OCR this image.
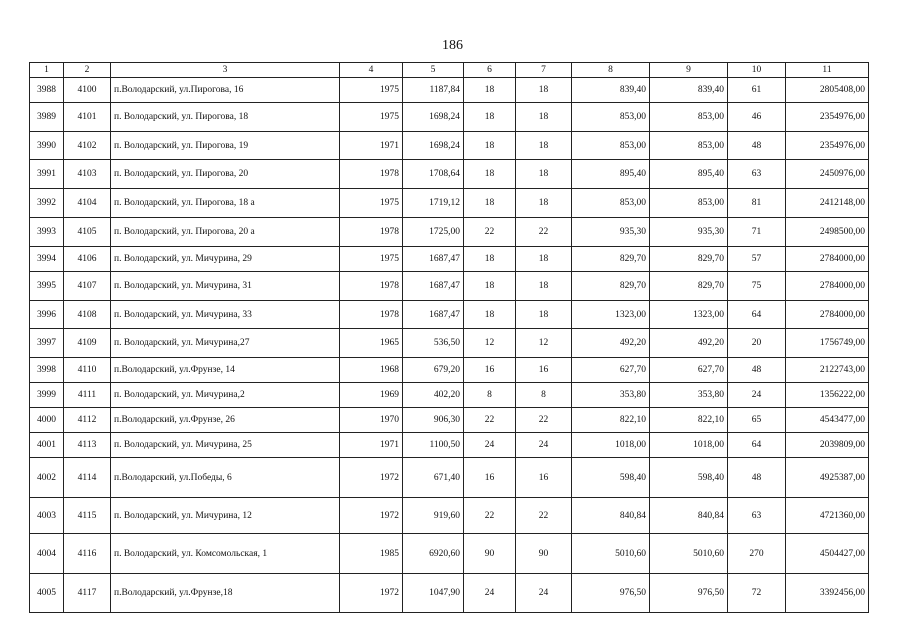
186
1	2	3	4	5	6	7	8	9	10	11
3988	4100	п.Володарский, ул.Пирогова, 16	1975	1187,84	18	18	839,40	839,40	61	2805408,00
3989	4101	п. Володарский, ул. Пирогова, 18	1975	1698,24	18	18	853,00	853,00	46	2354976,00
3990	4102	п. Володарский, ул. Пирогова, 19	1971	1698,24	18	18	853,00	853,00	48	2354976,00
3991	4103	п. Володарский, ул. Пирогова, 20	1978	1708,64	18	18	895,40	895,40	63	2450976,00
3992	4104	п. Володарский, ул. Пирогова, 18 а	1975	1719,12	18	18	853,00	853,00	81	2412148,00
3993	4105	п. Володарский, ул. Пирогова, 20 а	1978	1725,00	22	22	935,30	935,30	71	2498500,00
3994	4106	п. Володарский, ул. Мичурина, 29	1975	1687,47	18	18	829,70	829,70	57	2784000,00
3995	4107	п. Володарский, ул. Мичурина, 31	1978	1687,47	18	18	829,70	829,70	75	2784000,00
3996	4108	п. Володарский, ул. Мичурина, 33	1978	1687,47	18	18	1323,00	1323,00	64	2784000,00
3997	4109	п. Володарский, ул. Мичурина,27	1965	536,50	12	12	492,20	492,20	20	1756749,00
3998	4110	п.Володарский, ул.Фрунзе, 14	1968	679,20	16	16	627,70	627,70	48	2122743,00
3999	4111	п. Володарский, ул. Мичурина,2	1969	402,20	8	8	353,80	353,80	24	1356222,00
4000	4112	п.Володарский, ул.Фрунзе, 26	1970	906,30	22	22	822,10	822,10	65	4543477,00
4001	4113	п. Володарский, ул. Мичурина, 25	1971	1100,50	24	24	1018,00	1018,00	64	2039809,00
4002	4114	п.Володарский, ул.Победы, 6	1972	671,40	16	16	598,40	598,40	48	4925387,00
4003	4115	п. Володарский, ул. Мичурина, 12	1972	919,60	22	22	840,84	840,84	63	4721360,00
4004	4116	п. Володарский, ул. Комсомольская, 1	1985	6920,60	90	90	5010,60	5010,60	270	4504427,00
4005	4117	п.Володарский, ул.Фрунзе,18	1972	1047,90	24	24	976,50	976,50	72	3392456,00
